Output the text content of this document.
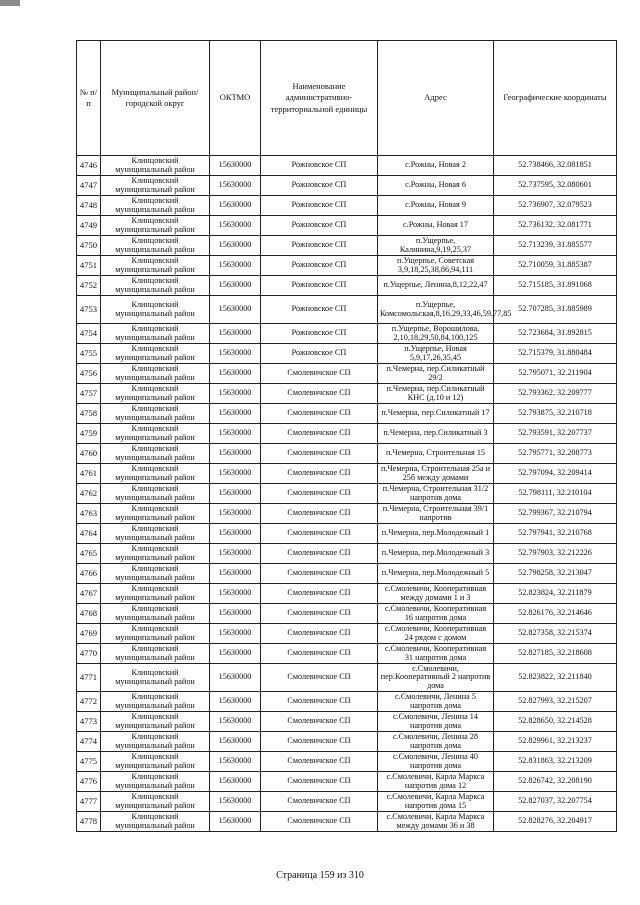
№ п/п	Муниципальный район/городской округ	ОКТМО	Наименование административно-территориальной единицы	Адрес	Географические координаты
4746	Клинцовский муниципальный район	15630000	Рожновское СП	с.Рожны, Новая 2	52.738466, 32.081851
4747	Клинцовский муниципальный район	15630000	Рожновское СП	с.Рожны, Новая 6	52.737595, 32.080601
4748	Клинцовский муниципальный район	15630000	Рожновское СП	с.Рожны, Новая 9	52.736907, 32.079523
4749	Клинцовский муниципальный район	15630000	Рожновское СП	с.Рожны, Новая 17	52.736132, 32.081771
4750	Клинцовский муниципальный район	15630000	Рожновское СП	п.Ущерпье, Калинина,9,19,25,37	52.713239, 31.885577
4751	Клинцовский муниципальный район	15630000	Рожновское СП	п.Ущерпье, Советская 3,9,18,25,38,86,94,111	52.710059, 31.885387
4752	Клинцовский муниципальный район	15630000	Рожновское СП	п.Ущерпье, Ленина,8,12,22,47	52.715185, 31.891068
4753	Клинцовский муниципальный район	15630000	Рожновское СП	п.Ущерпье, Комсомольская,8,16,29,33,46,59,77,85	52.707285, 31.885989
4754	Клинцовский муниципальный район	15630000	Рожновское СП	п.Ущерпье, Ворошилова, 2,10,18,29,50,84,100,125	52.723684, 31.892815
4755	Клинцовский муниципальный район	15630000	Рожновское СП	п.Ущерпье, Новая 5,9,17,26,35,45	52.715379, 31.880484
4756	Клинцовский муниципальный район	15630000	Смолевичское СП	п.Чемерна, пер.Силикатный 29/2	52.795071, 32.211904
4757	Клинцовский муниципальный район	15630000	Смолевичское СП	п.Чемерна, пер.Силикатный КНС (д.10 и 12)	52.793362, 32.209777
4758	Клинцовский муниципальный район	15630000	Смолевичское СП	п.Чемерна, пер.Силикатный 17	52.793875, 32.210718
4759	Клинцовский муниципальный район	15630000	Смолевичское СП	п.Чемерна, пер.Силикатный 3	52.793591, 32.207737
4760	Клинцовский муниципальный район	15630000	Смолевичское СП	п.Чемерна, Строительная 15	52.795771, 32.208773
4761	Клинцовский муниципальный район	15630000	Смолевичское СП	п.Чемерна, Строительная 25а и 25б между домами	52.797094, 32.209414
4762	Клинцовский муниципальный район	15630000	Смолевичское СП	п.Чемерна, Строительная 31/2 напротив дома	52.798111, 32.210104
4763	Клинцовский муниципальный район	15630000	Смолевичское СП	п.Чемерна, Строительная 39/1 напротив	52.799367, 32.210794
4764	Клинцовский муниципальный район	15630000	Смолевичское СП	п.Чемерна, пер.Молодежный 1	52.797941, 32.210768
4765	Клинцовский муниципальный район	15630000	Смолевичское СП	п.Чемерна, пер.Молодежный 3	52.797903, 32.212226
4766	Клинцовский муниципальный район	15630000	Смолевичское СП	п.Чемерна, пер.Молодежный 5	52.798258, 32.213047
4767	Клинцовский муниципальный район	15630000	Смолевичское СП	с.Смолевичи, Кооперативная между домами 1 и 3	52.823824, 32.211879
4768	Клинцовский муниципальный район	15630000	Смолевичское СП	с.Смолевичи, Кооперативная 16 напротив дома	52.826176, 32.214646
4769	Клинцовский муниципальный район	15630000	Смолевичское СП	с.Смолевичи, Кооперативная 24 рядом с домом	52.827358, 32.215374
4770	Клинцовский муниципальный район	15630000	Смолевичское СП	с.Смолевичи, Кооперативная 31 напротив дома	52.827185, 32.218608
4771	Клинцовский муниципальный район	15630000	Смолевичское СП	с.Смолевичи, пер.Кооперативный 2 напротив дома	52.823822, 32.211840
4772	Клинцовский муниципальный район	15630000	Смолевичское СП	с.Смолевичи, Ленина 5 напротив дома	52.827993, 32.215207
4773	Клинцовский муниципальный район	15630000	Смолевичское СП	с.Смолевичи, Ленина 14 напротив дома	52.828650, 32.214528
4774	Клинцовский муниципальный район	15630000	Смолевичское СП	с.Смолевичи, Ленина 28 напротив дома	52.829961, 32.213237
4775	Клинцовский муниципальный район	15630000	Смолевичское СП	с.Смолевичи, Ленина 40 напротив дома	52.831863, 32.213209
4776	Клинцовский муниципальный район	15630000	Смолевичское СП	с.Смолевичи, Карла Маркса напротив дома 12	52.826742, 32.208190
4777	Клинцовский муниципальный район	15630000	Смолевичское СП	с.Смолевичи, Карла Маркса напротив дома 15	52.827037, 32.207754
4778	Клинцовский муниципальный район	15630000	Смолевичское СП	с.Смолевичи, Карла Маркса между домами 36 и 38	52.828276, 32.204917
Страница 159 из 310
